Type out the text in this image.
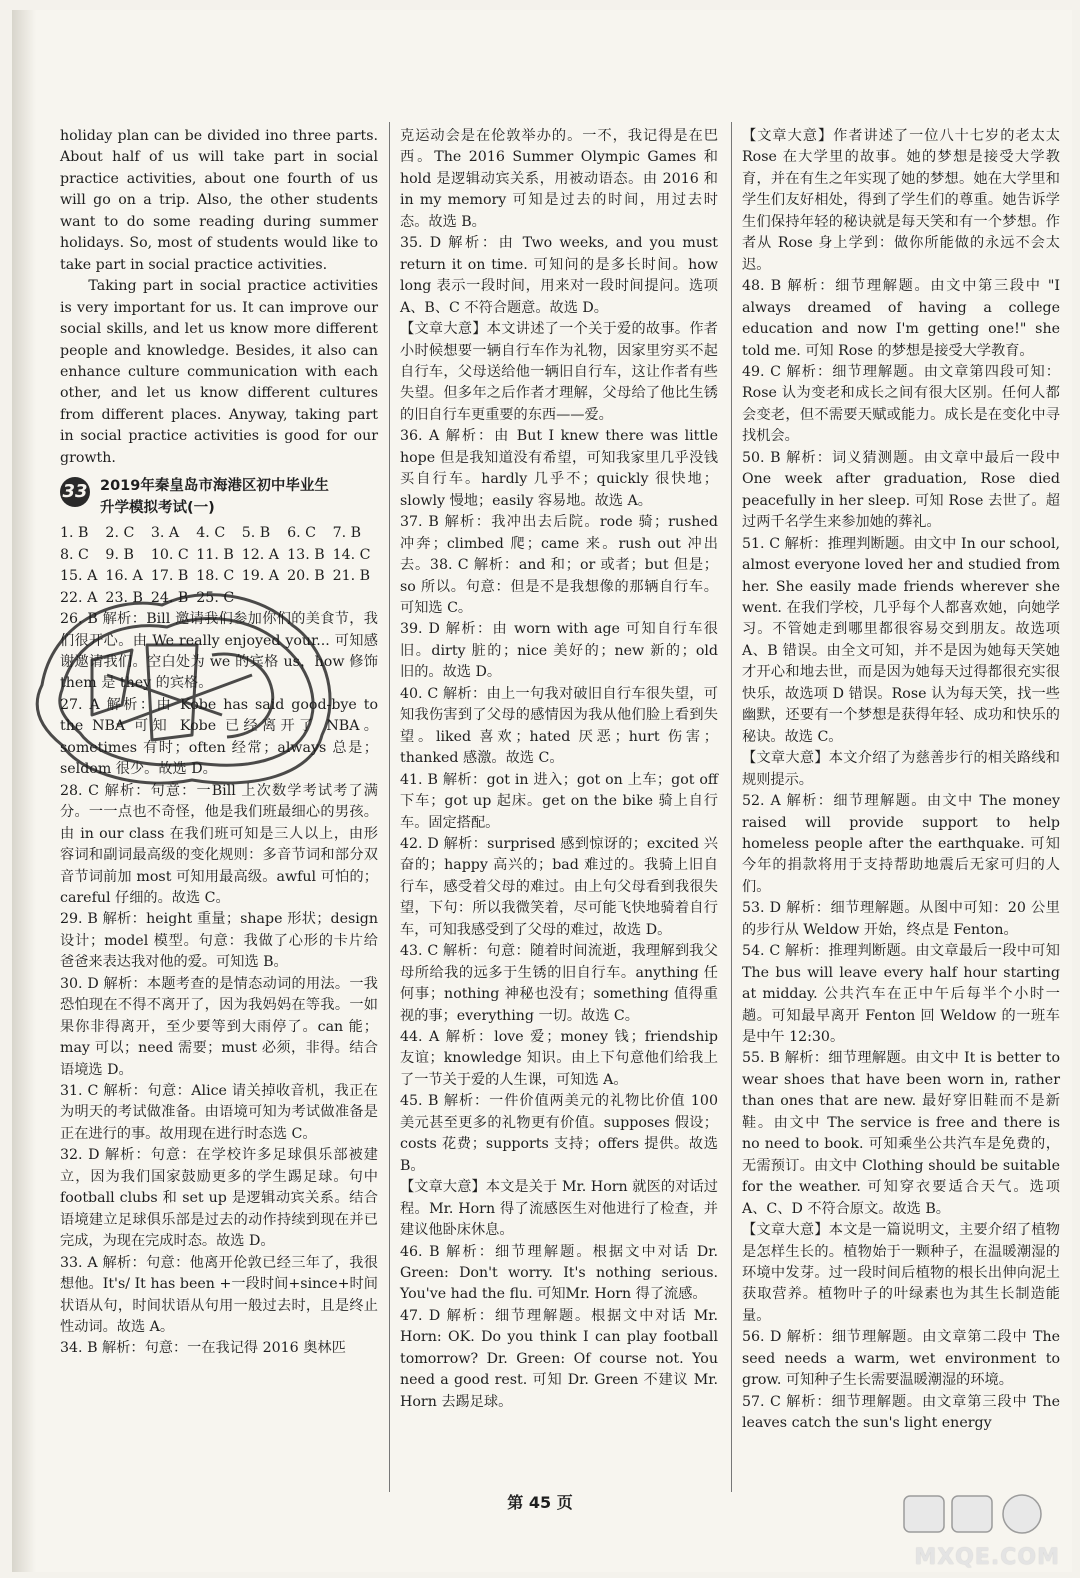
holiday plan can be divided ino three parts. About half of us will take part in social practice activities, about one fourth of us will go on a trip. Also, the other students want to do some reading during summer holidays. So, most of students would like to take part in social practice activities.

Taking part in social practice activities is very important for us. It can improve our social skills, and let us know more different people and knowledge. Besides, it also can enhance culture communication with each other, and let us know different cultures from different places. Anyway, taking part in social practice activities is good for our growth.

33 2019年秦皇岛市海港区初中毕业生
升学模拟考试(一)
1. B	2. C	3. A	4. C	5. B	6. C	7. B
8. C	9. B	10. C 11. B 12. A 13. B 14. C
15. A 16. A 17. B 18. C 19. A 20. B 21. B
22. A 23. B 24. B 25. C

26. B 解析：Bill 邀请我们参加你们的美食节，我们很开心。由 We really enjoyed your... 可知感谢邀请我们。空白处为 we 的宾格 us，how 修饰 them 是 they 的宾格。

27. A 解析：由 Kobe has said good-bye to the NBA 可知 Kobe 已经离开了 NBA。sometimes 有时；often 经常；always 总是；seldom 很少。故选 D。

28. C 解析：句意：一Bill 上次数学考试考了满分。一一点也不奇怪，他是我们班最细心的男孩。由 in our class 在我们班可知是三人以上，由形容词和副词最高级的变化规则：多音节词和部分双音节词前加 most 可知用最高级。awful 可怕的；careful 仔细的。故选 C。

29. B 解析：height 重量；shape 形状；design 设计；model 模型。句意：我做了心形的卡片给爸爸来表达我对他的爱。可知选 B。

30. D 解析：本题考查的是情态动词的用法。一我恐怕现在不得不离开了，因为我妈妈在等我。一如果你非得离开，至少要等到大雨停了。can 能；may 可以；need 需要；must 必须，非得。结合语境选 D。

31. C 解析：句意：Alice 请关掉收音机，我正在为明天的考试做准备。由语境可知为考试做准备是正在进行的事。故用现在进行时态选 C。

32. D 解析：句意：在学校许多足球俱乐部被建立，因为我们国家鼓励更多的学生踢足球。句中 football clubs 和 set up 是逻辑动宾关系。结合语境建立足球俱乐部是过去的动作持续到现在并已完成，为现在完成时态。故选 D。

33. A 解析：句意：他离开伦敦已经三年了，我很想他。It's/ It has been +一段时间+since+时间状语从句，时间状语从句用一般过去时，且是终止性动词。故选 A。

34. B 解析：句意：一在我记得 2016 奥林匹

克运动会是在伦敦举办的。一不，我记得是在巴西。The 2016 Summer Olympic Games 和 hold 是逻辑动宾关系，用被动语态。由 2016 和 in my memory 可知是过去的时间，用过去时态。故选 B。

35. D 解析：由 Two weeks, and you must return it on time. 可知问的是多长时间。how long 表示一段时间，用来对一段时间提问。选项 A、B、C 不符合题意。故选 D。

【文章大意】本文讲述了一个关于爱的故事。作者小时候想要一辆自行车作为礼物，因家里穷买不起自行车，父母送给他一辆旧自行车，这让作者有些失望。但多年之后作者才理解，父母给了他比生锈的旧自行车更重要的东西——爱。

36. A 解析：由 But I knew there was little hope 但是我知道没有希望，可知我家里几乎没钱买自行车。hardly 几乎不；quickly 很快地；slowly 慢地；easily 容易地。故选 A。

37. B 解析：我冲出去后院。rode 骑；rushed 冲奔；climbed 爬；came 来。rush out 冲出去。38. C 解析：and 和；or 或者；but 但是；so 所以。句意：但是不是我想像的那辆自行车。可知选 C。

39. D 解析：由 worn with age 可知自行车很旧。dirty 脏的；nice 美好的；new 新的；old 旧的。故选 D。

40. C 解析：由上一句我对破旧自行车很失望，可知我伤害到了父母的感情因为我从他们脸上看到失望。liked 喜欢；hated 厌恶；hurt 伤害；thanked 感激。故选 C。

41. B 解析：got in 进入；got on 上车；got off 下车；got up 起床。get on the bike 骑上自行车。固定搭配。

42. D 解析：surprised 感到惊讶的；excited 兴奋的；happy 高兴的；bad 难过的。我骑上旧自行车，感受着父母的难过。由上句父母看到我很失望，下句：所以我微笑着，尽可能飞快地骑着自行车，可知我感受到了父母的难过，故选 D。

43. C 解析：句意：随着时间流逝，我理解到我父母所给我的远多于生锈的旧自行车。anything 任何事；nothing 神秘也没有；something 值得重视的事；everything 一切。故选 C。

44. A 解析：love 爱；money 钱；friendship 友谊；knowledge 知识。由上下句意他们给我上了一节关于爱的人生课，可知选 A。

45. B 解析：一件价值两美元的礼物比价值 100 美元甚至更多的礼物更有价值。supposes 假设；costs 花费；supports 支持；offers 提供。故选 B。

【文章大意】本文是关于 Mr. Horn 就医的对话过程。Mr. Horn 得了流感医生对他进行了检查，并建议他卧床休息。

46. B 解析：细节理解题。根据文中对话 Dr. Green: Don't worry. It's nothing serious. You've had the flu. 可知Mr. Horn 得了流感。

47. D 解析：细节理解题。根据文中对话 Mr. Horn: OK. Do you think I can play football tomorrow? Dr. Green: Of course not. You need a good rest. 可知 Dr. Green 不建议 Mr. Horn 去踢足球。

【文章大意】作者讲述了一位八十七岁的老太太 Rose 在大学里的故事。她的梦想是接受大学教育，并在有生之年实现了她的梦想。她在大学里和学生们友好相处，得到了学生们的尊重。她告诉学生们保持年轻的秘诀就是每天笑和有一个梦想。作者从 Rose 身上学到：做你所能做的永远不会太迟。

48. B 解析：细节理解题。由文中第三段中 "I always dreamed of having a college education and now I'm getting one!" she told me. 可知 Rose 的梦想是接受大学教育。

49. C 解析：细节理解题。由文章第四段可知：Rose 认为变老和成长之间有很大区别。任何人都会变老，但不需要天赋或能力。成长是在变化中寻找机会。

50. B 解析：词义猜测题。由文章中最后一段中 One week after graduation, Rose died peacefully in her sleep. 可知 Rose 去世了。超过两千名学生来参加她的葬礼。

51. C 解析：推理判断题。由文中 In our school, almost everyone loved her and studied from her. She easily made friends wherever she went. 在我们学校，几乎每个人都喜欢她，向她学习。不管她走到哪里都很容易交到朋友。故选项 A、B 错误。由全文可知，并不是因为她每天笑她才开心和地去世，而是因为她每天过得都很充实很快乐，故选项 D 错误。Rose 认为每天笑，找一些幽默，还要有一个梦想是获得年轻、成功和快乐的秘诀。故选 C。

【文章大意】本文介绍了为慈善步行的相关路线和规则提示。

52. A 解析：细节理解题。由文中 The money raised will provide support to help homeless people after the earthquake. 可知今年的捐款将用于支持帮助地震后无家可归的人们。

53. D 解析：细节理解题。从图中可知：20 公里的步行从 Weldow 开始，终点是 Fenton。

54. C 解析：推理判断题。由文章最后一段中可知 The bus will leave every half hour starting at midday. 公共汽车在正中午后每半个小时一趟。可知最早离开 Fenton 回 Weldow 的一班车是中午 12:30。

55. B 解析：细节理解题。由文中 It is better to wear shoes that have been worn in, rather than ones that are new. 最好穿旧鞋而不是新鞋。由文中 The service is free and there is no need to book. 可知乘坐公共汽车是免费的，无需预订。由文中 Clothing should be suitable for the weather. 可知穿衣要适合天气。选项 A、C、D 不符合原文。故选 B。

【文章大意】本文是一篇说明文，主要介绍了植物是怎样生长的。植物始于一颗种子，在温暖潮湿的环境中发芽。过一段时间后植物的根长出伸向泥土获取营养。植物叶子的叶绿素也为其生长制造能量。

56. D 解析：细节理解题。由文章第二段中 The seed needs a warm, wet environment to grow. 可知种子生长需要温暖潮湿的环境。

57. C 解析：细节理解题。由文章第三段中 The leaves catch the sun's light energy

MXQE.COM
第 45 页
